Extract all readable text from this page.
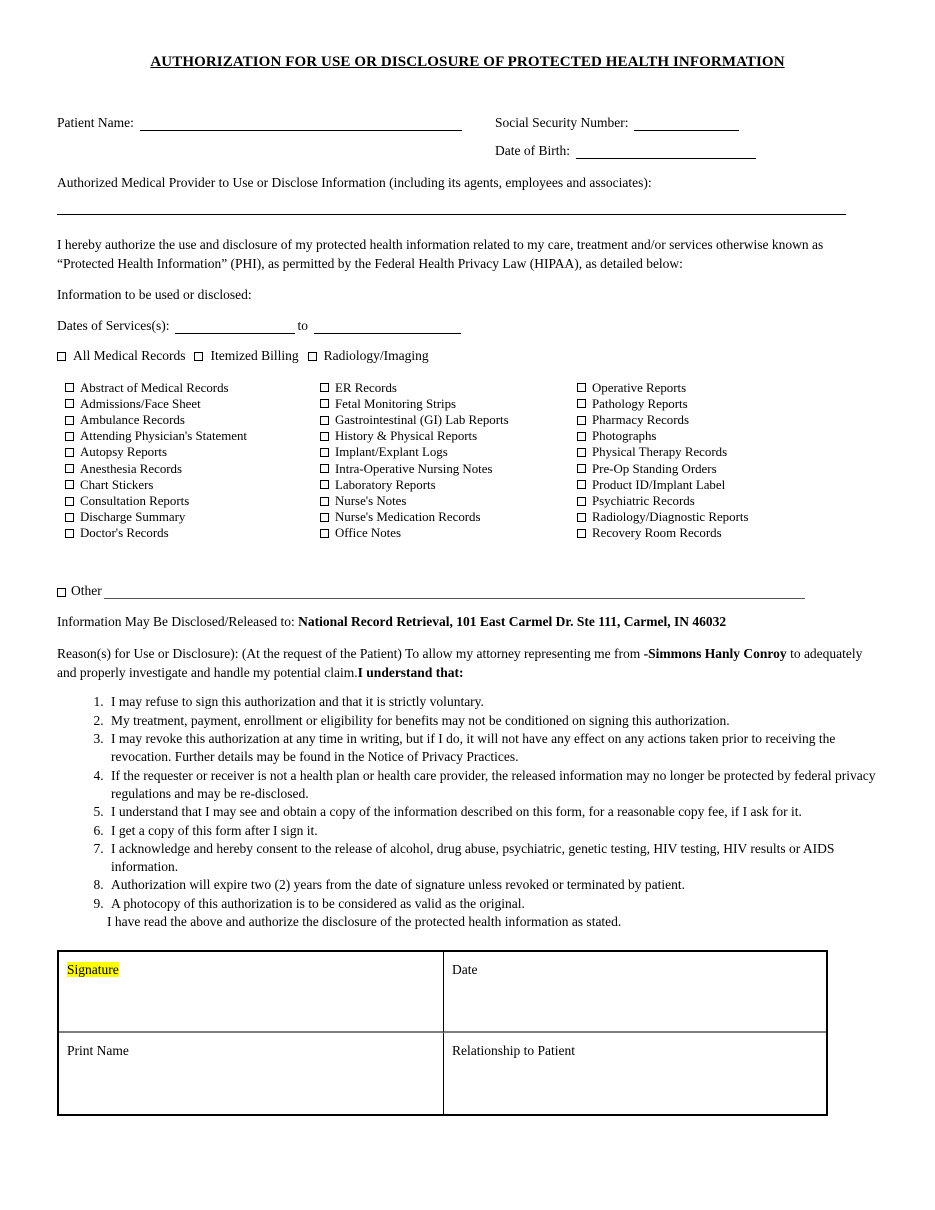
AUTHORIZATION FOR USE OR DISCLOSURE OF PROTECTED HEALTH INFORMATION
Patient Name:	Social Security Number:
Date of Birth:
Authorized Medical Provider to Use or Disclose Information (including its agents, employees and associates):
I hereby authorize the use and disclosure of my protected health information related to my care, treatment and/or services otherwise known as “Protected Health Information” (PHI), as permitted by the Federal Health Privacy Law (HIPAA), as detailed below:
Information to be used or disclosed:
Dates of Services(s):	to
All Medical Records Itemized Billing Radiology/Imaging
Abstract of Medical Records
Admissions/Face Sheet
Ambulance Records
Attending Physician's Statement
Autopsy Reports
Anesthesia Records
Chart Stickers
Consultation Reports
Discharge Summary
Doctor's Records
ER Records
Fetal Monitoring Strips
Gastrointestinal (GI) Lab Reports
History & Physical Reports
Implant/Explant Logs
Intra-Operative Nursing Notes
Laboratory Reports
Nurse's Notes
Nurse's Medication Records
Office Notes
Operative Reports
Pathology Reports
Pharmacy Records
Photographs
Physical Therapy Records
Pre-Op Standing Orders
Product ID/Implant Label
Psychiatric Records
Radiology/Diagnostic Reports
Recovery Room Records
Other
Information May Be Disclosed/Released to: National Record Retrieval, 101 East Carmel Dr. Ste 111, Carmel, IN 46032
Reason(s) for Use or Disclosure): (At the request of the Patient) To allow my attorney representing me from -Simmons Hanly Conroy to adequately and properly investigate and handle my potential claim.I understand that:
1. I may refuse to sign this authorization and that it is strictly voluntary.
2. My treatment, payment, enrollment or eligibility for benefits may not be conditioned on signing this authorization.
3. I may revoke this authorization at any time in writing, but if I do, it will not have any effect on any actions taken prior to receiving the revocation. Further details may be found in the Notice of Privacy Practices.
4. If the requester or receiver is not a health plan or health care provider, the released information may no longer be protected by federal privacy regulations and may be re-disclosed.
5. I understand that I may see and obtain a copy of the information described on this form, for a reasonable copy fee, if I ask for it.
6. I get a copy of this form after I sign it.
7. I acknowledge and hereby consent to the release of alcohol, drug abuse, psychiatric, genetic testing, HIV testing, HIV results or AIDS information.
8. Authorization will expire two (2) years from the date of signature unless revoked or terminated by patient.
9. A photocopy of this authorization is to be considered as valid as the original.
I have read the above and authorize the disclosure of the protected health information as stated.
Signature	Date
Print Name	Relationship to Patient
